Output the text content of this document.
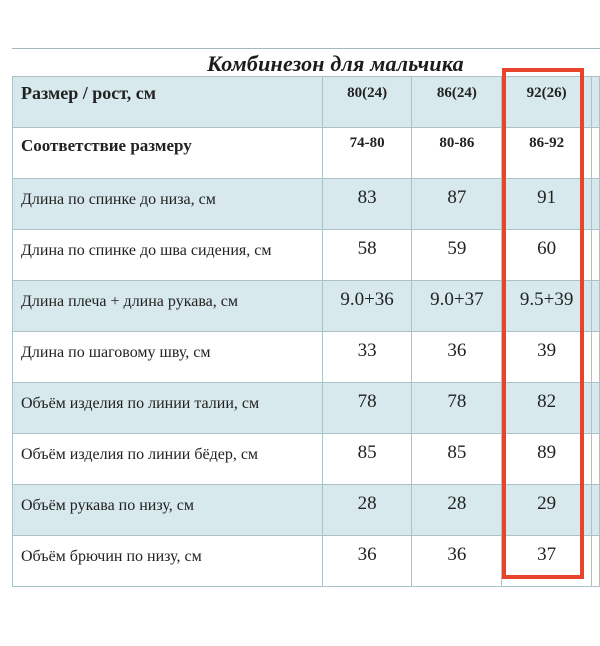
Комбинезон для мальчика
Размер / рост, см	80(24)	86(24)	92(26)	
Соответствие размеру	74-80	80-86	86-92	
Длина по спинке до низа, см	83	87	91	
Длина по спинке до шва сидения, см	58	59	60	
Длина плеча + длина рукава, см	9.0+36	9.0+37	9.5+39	
Длина по шаговому шву, см	33	36	39	
Объём изделия по линии талии, см	78	78	82	
Объём изделия по линии бёдер, см	85	85	89	
Объём рукава по низу, см	28	28	29	
Объём брючин по низу, см	36	36	37	
